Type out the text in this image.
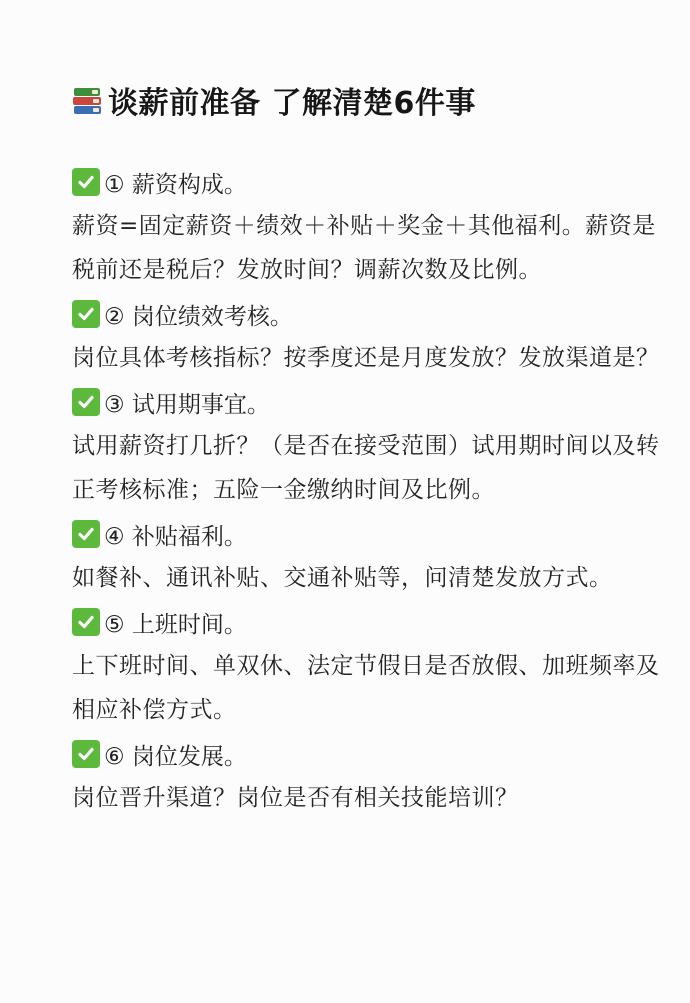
谈薪前准备 了解清楚6件事
① 薪资构成。
薪资=固定薪资＋绩效＋补贴＋奖金＋其他福利。薪资是税前还是税后？发放时间？调薪次数及比例。
② 岗位绩效考核。
岗位具体考核指标？按季度还是月度发放？发放渠道是？
③ 试用期事宜。
试用薪资打几折？（是否在接受范围）试用期时间以及转正考核标准；五险一金缴纳时间及比例。
④ 补贴福利。
如餐补、通讯补贴、交通补贴等，问清楚发放方式。
⑤ 上班时间。
上下班时间、单双休、法定节假日是否放假、加班频率及相应补偿方式。
⑥ 岗位发展。
岗位晋升渠道？岗位是否有相关技能培训？
